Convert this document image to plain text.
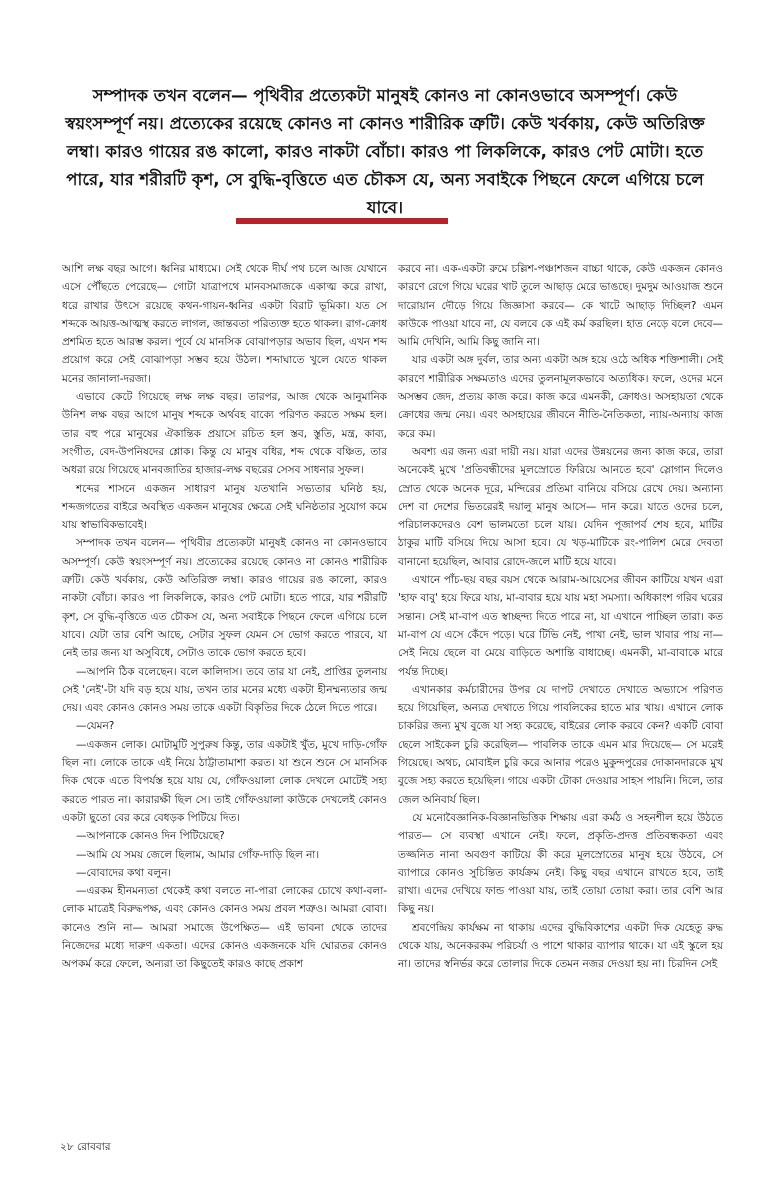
সম্পাদক তখন বলেন— পৃথিবীর প্রত্যেকটা মানুষই কোনও না কোনওভাবে অসম্পূর্ণ। কেউ স্বয়ংসম্পূর্ণ নয়। প্রত্যেকের রয়েছে কোনও না কোনও শারীরিক ত্রুটি। কেউ খর্বকায়, কেউ অতিরিক্ত লম্বা। কারও গায়ের রঙ কালো, কারও নাকটা বোঁচা। কারও পা লিকলিকে, কারও পেট মোটা। হতে পারে, যার শরীরটি কৃশ, সে বুদ্ধি-বৃত্তিতে এত চৌকস যে, অন্য সবাইকে পিছনে ফেলে এগিয়ে চলে যাবে।

আশি লক্ষ বছর আগে। ধ্বনির মাধ্যমে। সেই থেকে দীর্ঘ পথ চলে আজ যেখানে এসে পৌঁছতে পেরেছে— গোটা যাত্রাপথে মানবসমাজকে একাত্ম করে রাখা, ধরে রাখার উৎসে রয়েছে কথন-গায়ন-ধ্বনির একটা বিরাট ভূমিকা। যত সে শব্দকে আয়ত্ত-আত্মস্থ করতে লাগল, জান্তবতা পরিত্যক্ত হতে থাকল। রাগ-ক্রোধ প্রশমিত হতে আরম্ভ করল। পূর্বে যে মানসিক বোঝাপড়ার অভাব ছিল, এখন শব্দ প্রয়োগ করে সেই বোঝাপড়া সম্ভব হয়ে উঠল। শব্দাঘাতে খুলে যেতে থাকল মনের জানালা-দরজা।

এভাবে কেটে গিয়েছে লক্ষ লক্ষ বছর। তারপর, আজ থেকে আনুমানিক উনিশ লক্ষ বছর আগে মানুষ শব্দকে অর্থবহ বাক্যে পরিণত করতে সক্ষম হল। তার বহু পরে মানুষের ঐকান্তিক প্রয়াসে রচিত হল স্তব, স্তুতি, মন্ত্র, কাব্য, সংগীত, বেদ-উপনিষদের শ্লোক। কিন্তু যে মানুষ বধির, শব্দ থেকে বঞ্চিত, তার অধরা রয়ে গিয়েছে মানবজাতির হাজার-লক্ষ বছরের সেসব সাধনার সুফল।

শব্দের শাসনে একজন সাধারণ মানুষ যতখানি সভ্যতার ঘনিষ্ঠ হয়, শব্দজগতের বাইরে অবস্থিত একজন মানুষের ক্ষেত্রে সেই ঘনিষ্ঠতার সুযোগ কমে যায় স্বাভাবিকভাবেই।

সম্পাদক তখন বলেন— পৃথিবীর প্রত্যেকটা মানুষই কোনও না কোনওভাবে অসম্পূর্ণ। কেউ স্বয়ংসম্পূর্ণ নয়। প্রত্যেকের রয়েছে কোনও না কোনও শারীরিক ত্রুটি। কেউ খর্বকায়, কেউ অতিরিক্ত লম্বা। কারও গায়ের রঙ কালো, কারও নাকটা বোঁচা। কারও পা লিকলিকে, কারও পেট মোটা। হতে পারে, যার শরীরটি কৃশ, সে বুদ্ধি-বৃত্তিতে এত চৌকস যে, অন্য সবাইকে পিছনে ফেলে এগিয়ে চলে যাবে। যেটা তার বেশি আছে, সেটার সুফল যেমন সে ভোগ করতে পারবে, যা নেই তার জন্য যা অসুবিধে, সেটাও তাকে ভোগ করতে হবে।

—আপনি ঠিক বলেছেন। বলে কালিদাস। তবে তার যা নেই, প্রাপ্তির তুলনায় সেই 'নেই'-টা যদি বড় হয়ে যায়, তখন তার মনের মধ্যে একটা হীনম্মন্যতার জন্ম দেয়। এবং কোনও কোনও সময় তাকে একটা বিকৃতির দিকে ঠেলে দিতে পারে।

—যেমন?

—একজন লোক। মোটামুটি সুপুরুষ কিন্তু, তার একটাই খুঁত, মুখে দাড়ি-গোঁফ ছিল না। লোকে তাকে এই নিয়ে ঠাট্টাতামাশা করত। যা শুনে শুনে সে মানসিক দিক থেকে এতে বিপর্যস্ত হয়ে যায় যে, গোঁফওয়ালা লোক দেখলে মোটেই সহ্য করতে পারত না। কারারক্ষী ছিল সে। তাই গোঁফওয়ালা কাউকে দেখলেই কোনও একটা ছুতো বের করে বেধড়ক পিটিয়ে দিত।

—আপনাকে কোনও দিন পিটিয়েছে?

—আমি যে সময় জেলে ছিলাম, আমার গোঁফ-দাড়ি ছিল না।

—বোবাদের কথা বলুন।

—এরকম হীনমন্যতা থেকেই কথা বলতে না-পারা লোকের চোখে কথা-বলা-লোক মাত্রেই বিরুদ্ধপক্ষ, এবং কোনও কোনও সময় প্রবল শত্রুও। আমরা বোবা। কানেও শুনি না— আমরা সমাজে উপেক্ষিত— এই ভাবনা থেকে তাদের নিজেদের মধ্যে দারুণ একতা। এদের কোনও একজনকে যদি ঘোরতর কোনও অপকর্ম করে ফেলে, অন্যরা তা কিছুতেই কারও কাছে প্রকাশ

করবে না। এক-একটা রুমে চল্লিশ-পঞ্চাশজন বাচ্চা থাকে, কেউ একজন কোনও কারণে রেগে গিয়ে ঘরের খাট তুলে আছাড় মেরে ভাঙছে। দুমদুম আওয়াজ শুনে দারোয়ান দৌড়ে গিয়ে জিজ্ঞাসা করবে— কে খাটে আছাড় দিচ্ছিল? এমন কাউকে পাওয়া যাবে না, যে বলবে কে এই কর্ম করছিল। হাত নেড়ে বলে দেবে— আমি দেখিনি, আমি কিছু জানি না।

যার একটা অঙ্গ দুর্বল, তার অন্য একটা অঙ্গ হয়ে ওঠে অধিক শক্তিশালী। সেই কারণে শারীরিক সক্ষমতাও এদের তুলনামূলকভাবে অত্যধিক। ফলে, ওদের মনে অসম্ভব জেদ, প্রত্যয় কাজ করে। কাজ করে এমনকী, ক্রোধও। অসহায়তা থেকে ক্রোধের জন্ম নেয়। এবং অসহায়ের জীবনে নীতি-নৈতিকতা, ন্যায়-অন্যায় কাজ করে কম।

অবশ্য এর জন্য এরা দায়ী নয়। যারা এদের উন্নয়নের জন্য কাজ করে, তারা অনেকেই মুখে 'প্রতিবন্ধীদের মূলস্রোতে ফিরিয়ে আনতে হবে' স্লোগান দিলেও স্রোত থেকে অনেক দূরে, মন্দিরের প্রতিমা বানিয়ে বসিয়ে রেখে দেয়। অন্যান্য দেশ বা দেশের ভিতরেরই দয়ালু মানুষ আসে— দান করে। যাতে ওদের চলে, পরিচালকদেরও বেশ ভালমতো চলে যায়। যেদিন পূজাপর্ব শেষ হবে, মাটির ঠাকুর মাটি বসিয়ে দিয়ে আসা হবে। যে খড়-মাটিকে রং-পালিশ মেরে দেবতা বানানো হয়েছিল, আবার রোদে-জলে মাটি হয়ে যাবে।

এখানে পাঁচ-ছয় বছর বয়স থেকে আরাম-আয়েসের জীবন কাটিয়ে যখন এরা 'হাফ বাবু' হয়ে ফিরে যায়, মা-বাবার হয়ে যায় মহা সমস্যা। অধিকাংশ গরিব ঘরের সন্তান। সেই মা-বাপ এত স্বাচ্ছন্দ্য দিতে পারে না, যা এখানে পাচ্ছিল তারা। কত মা-বাপ যে এসে কেঁদে পড়ে। ঘরে টিভি নেই, পাখা নেই, ভাল খাবার পায় না— সেই নিয়ে ছেলে বা মেয়ে বাড়িতে অশান্তি বাধাচ্ছে। এমনকী, মা-বাবাকে মারে পর্যন্ত দিচ্ছে।

এখানকার কর্মচারীদের উপর যে দাপট দেখাতে দেখাতে অভ্যাসে পরিণত হয়ে গিয়েছিল, অন্যত্র দেখাতে গিয়ে পাবলিকের হাতে মার খায়। এখানে লোক চাকরির জন্য মুখ বুজে যা সহ্য করেছে, বাইরের লোক করবে কেন? একটি বোবা ছেলে সাইকেল চুরি করেছিল— পাবলিক তাকে এমন মার দিয়েছে— সে মরেই গিয়েছে। অথচ, মোবাইল চুরি করে আনার পরেও মুকুন্দপুরের দোকানদারকে মুখ বুজে সহ্য করতে হয়েছিল। গায়ে একটা টোকা দেওয়ার সাহস পায়নি। দিলে, তার জেল অনিবার্য ছিল।

যে মনোবৈজ্ঞানিক-বিজ্ঞানভিত্তিক শিক্ষায় এরা কর্মঠ ও সহনশীল হয়ে উঠতে পারত— সে ব্যবস্থা এখানে নেই। ফলে, প্রকৃতি-প্রদত্ত প্রতিবন্ধকতা এবং তজ্জনিত নানা অবগুণ কাটিয়ে কী করে মূলস্রোতের মানুষ হয়ে উঠবে, সে ব্যাপারে কোনও সুচিন্তিত কার্যক্রম নেই। কিছু বছর এখানে রাখতে হবে, তাই রাখা। এদের দেখিয়ে ফান্ড পাওয়া যায়, তাই তোয়া তোয়া করা। তার বেশি আর কিছু নয়।

শ্রবণেন্দ্রিয় কার্যক্ষম না থাকায় এদের বুদ্ধিবিকাশের একটা দিক যেহেতু রুদ্ধ থেকে যায়, অনেকরকম পরিচর্যা ও পাশে থাকার ব্যাপার থাকে। যা এই স্কুলে হয় না। তাদের স্বনির্ভর করে তোলার দিকে তেমন নজর দেওয়া হয় না। চিরদিন সেই

২৮ রোববার
